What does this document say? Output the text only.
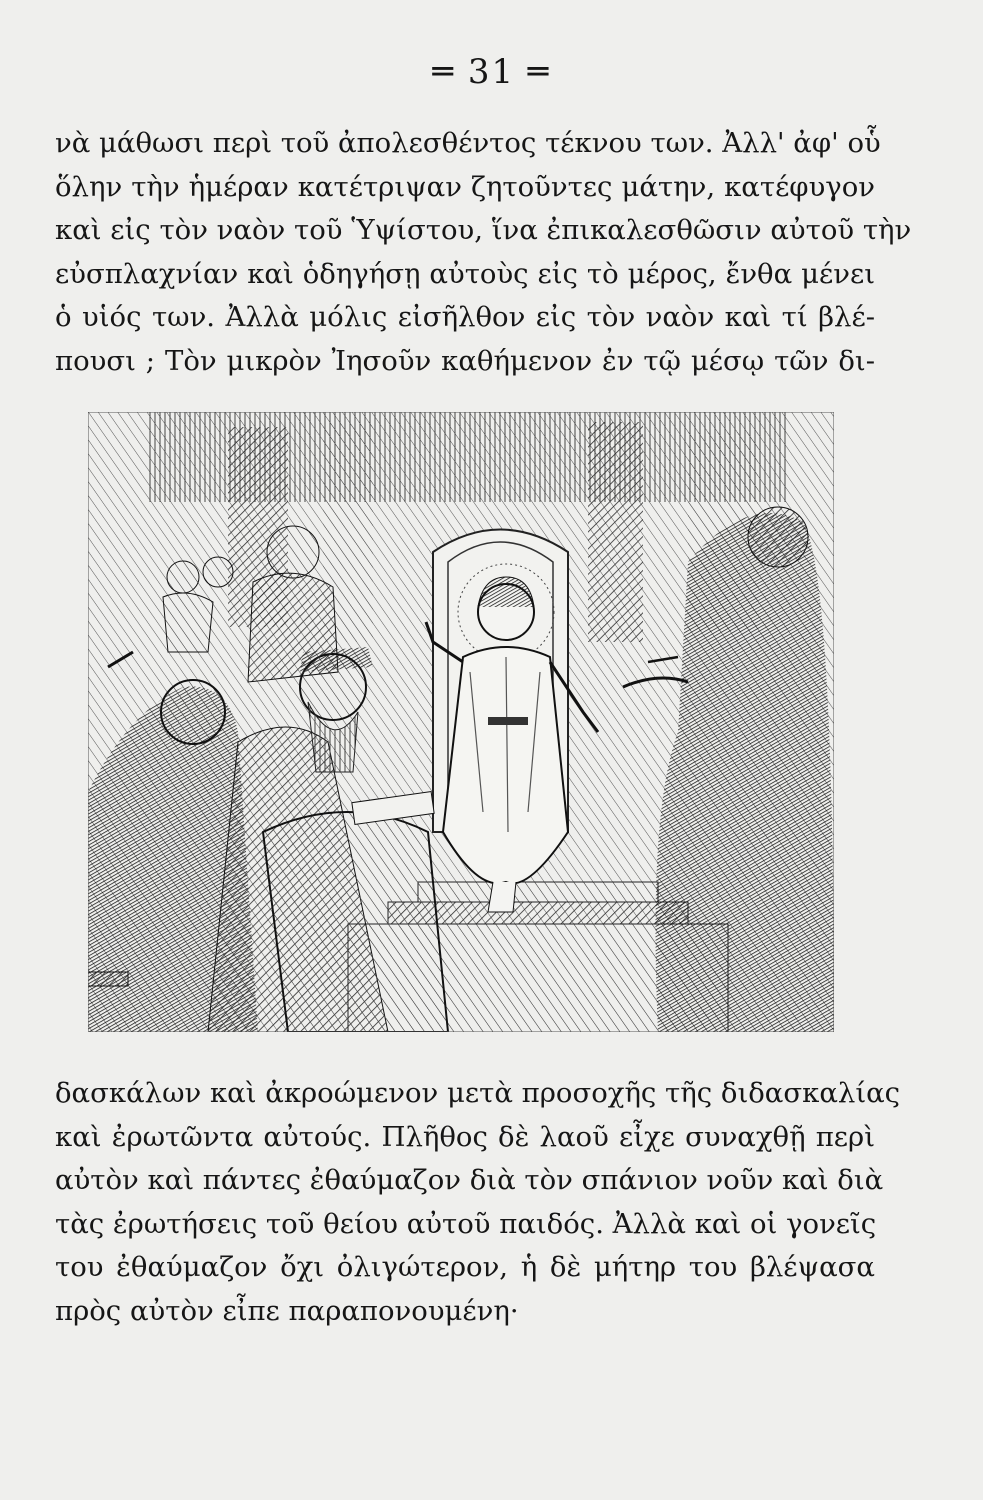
═ 31 ═
νὰ μάθωσι περὶ τοῦ ἀπολεσθέντος τέκνου των. Ἀλλ' ἀφ' οὗ
ὅλην τὴν ἡμέραν κατέτριψαν ζητοῦντες μάτην, κατέφυγον
καὶ εἰς τὸν ναὸν τοῦ Ὑψίστου, ἵνα ἐπικαλεσθῶσιν αὐτοῦ τὴν
εὐσπλαχνίαν καὶ ὁδηγήσῃ αὐτοὺς εἰς τὸ μέρος, ἔνθα μένει
ὁ υἱός των. Ἀλλὰ μόλις εἰσῆλθον εἰς τὸν ναὸν καὶ τί βλέ-
πουσι ; Τὸν μικρὸν Ἰησοῦν καθήμενον ἐν τῷ μέσῳ τῶν δι-
δασκάλων καὶ ἀκροώμενον μετὰ προσοχῆς τῆς διδασκαλίας
καὶ ἐρωτῶντα αὐτούς. Πλῆθος δὲ λαοῦ εἶχε συναχθῇ περὶ
αὐτὸν καὶ πάντες ἐθαύμαζον διὰ τὸν σπάνιον νοῦν καὶ διὰ
τὰς ἐρωτήσεις τοῦ θείου αὐτοῦ παιδός. Ἀλλὰ καὶ οἱ γονεῖς
του ἐθαύμαζον ὄχι ὀλιγώτερον, ἡ δὲ μήτηρ του βλέψασα
πρὸς αὐτὸν εἶπε παραπονουμένη·
